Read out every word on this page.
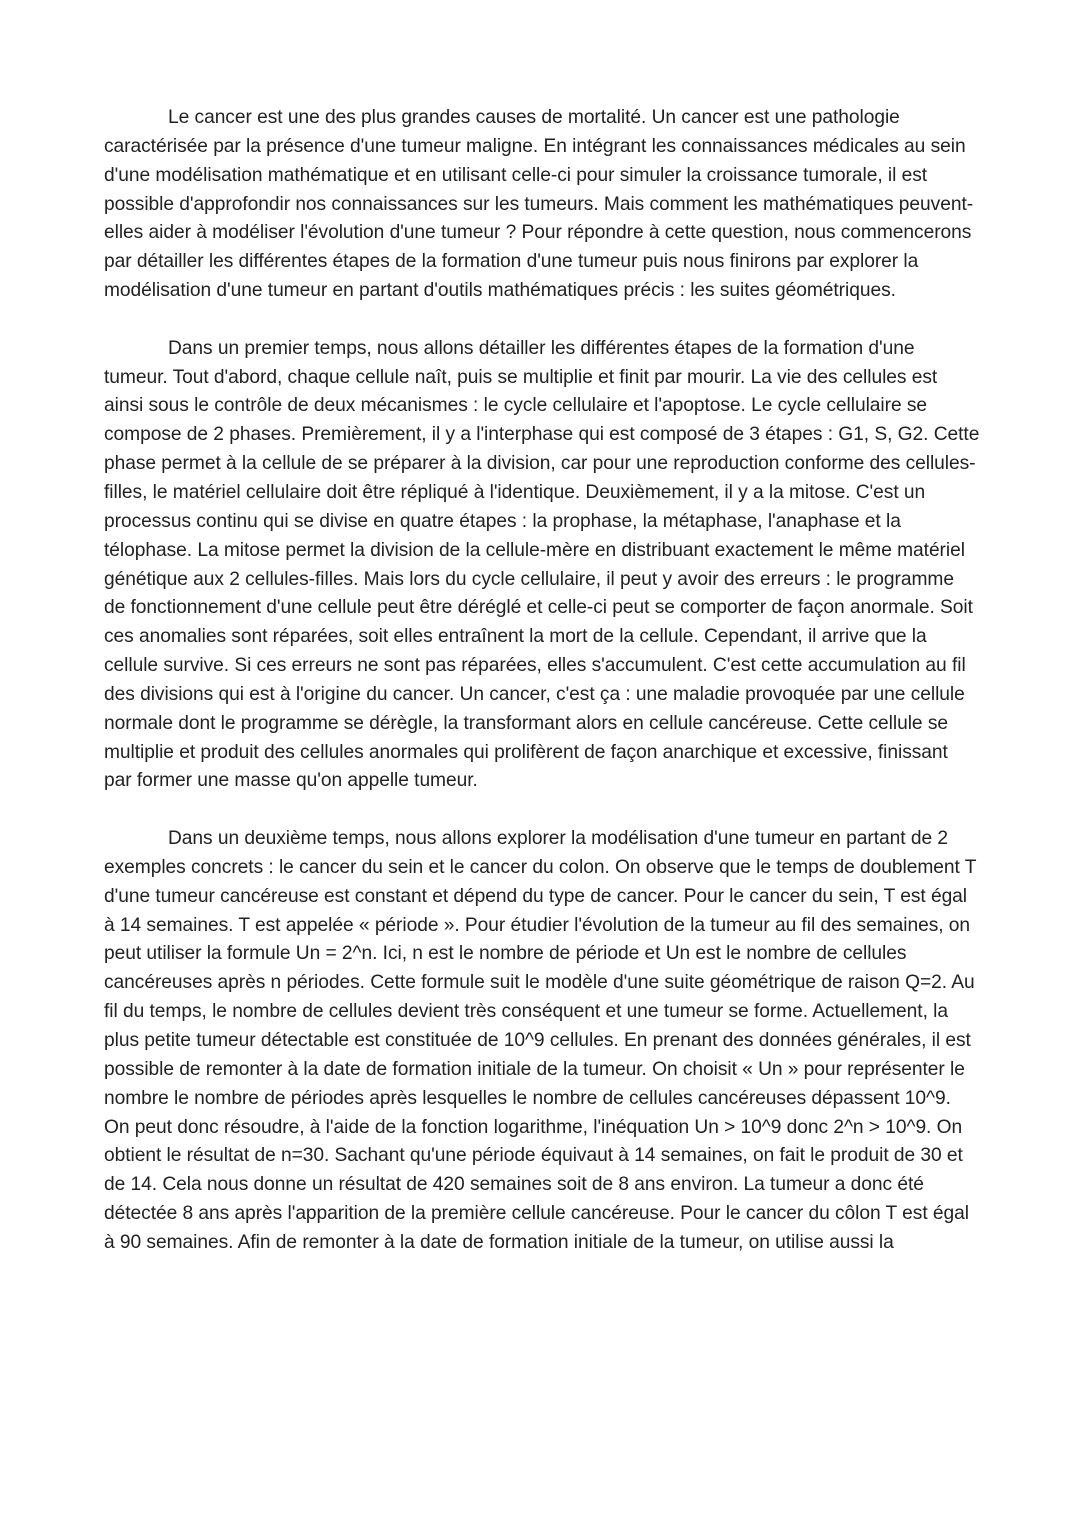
Le cancer est une des plus grandes causes de mortalité. Un cancer est une pathologie caractérisée par la présence d'une tumeur maligne. En intégrant les connaissances médicales au sein d'une modélisation mathématique et en utilisant celle-ci pour simuler la croissance tumorale, il est possible d'approfondir nos connaissances sur les tumeurs. Mais comment les mathématiques peuvent-elles aider à modéliser l'évolution d'une tumeur ? Pour répondre à cette question, nous commencerons par détailler les différentes étapes de la formation d'une tumeur puis nous finirons par explorer la modélisation d'une tumeur en partant d'outils mathématiques précis : les suites géométriques.

Dans un premier temps, nous allons détailler les différentes étapes de la formation d'une tumeur. Tout d'abord, chaque cellule naît, puis se multiplie et finit par mourir. La vie des cellules est ainsi sous le contrôle de deux mécanismes : le cycle cellulaire et l'apoptose. Le cycle cellulaire se compose de 2 phases. Premièrement, il y a l'interphase qui est composé de 3 étapes : G1, S, G2. Cette phase permet à la cellule de se préparer à la division, car pour une reproduction conforme des cellules-filles, le matériel cellulaire doit être répliqué à l'identique. Deuxièmement, il y a la mitose. C'est un processus continu qui se divise en quatre étapes : la prophase, la métaphase, l'anaphase et la télophase. La mitose permet la division de la cellule-mère en distribuant exactement le même matériel génétique aux 2 cellules-filles. Mais lors du cycle cellulaire, il peut y avoir des erreurs : le programme de fonctionnement d'une cellule peut être déréglé et celle-ci peut se comporter de façon anormale. Soit ces anomalies sont réparées, soit elles entraînent la mort de la cellule. Cependant, il arrive que la cellule survive. Si ces erreurs ne sont pas réparées, elles s'accumulent. C'est cette accumulation au fil des divisions qui est à l'origine du cancer. Un cancer, c'est ça : une maladie provoquée par une cellule normale dont le programme se dérègle, la transformant alors en cellule cancéreuse. Cette cellule se multiplie et produit des cellules anormales qui prolifèrent de façon anarchique et excessive, finissant par former une masse qu'on appelle tumeur.

Dans un deuxième temps, nous allons explorer la modélisation d'une tumeur en partant de 2 exemples concrets : le cancer du sein et le cancer du colon. On observe que le temps de doublement T d'une tumeur cancéreuse est constant et dépend du type de cancer. Pour le cancer du sein, T est égal à 14 semaines. T est appelée « période ». Pour étudier l'évolution de la tumeur au fil des semaines, on peut utiliser la formule Un = 2^n. Ici, n est le nombre de période et Un est le nombre de cellules cancéreuses après n périodes. Cette formule suit le modèle d'une suite géométrique de raison Q=2. Au fil du temps, le nombre de cellules devient très conséquent et une tumeur se forme. Actuellement, la plus petite tumeur détectable est constituée de 10^9 cellules. En prenant des données générales, il est possible de remonter à la date de formation initiale de la tumeur. On choisit « Un » pour représenter le nombre le nombre de périodes après lesquelles le nombre de cellules cancéreuses dépassent 10^9. On peut donc résoudre, à l'aide de la fonction logarithme, l'inéquation Un > 10^9 donc 2^n > 10^9. On obtient le résultat de n=30. Sachant qu'une période équivaut à 14 semaines, on fait le produit de 30 et de 14. Cela nous donne un résultat de 420 semaines soit de 8 ans environ. La tumeur a donc été détectée 8 ans après l'apparition de la première cellule cancéreuse. Pour le cancer du côlon T est égal à 90 semaines. Afin de remonter à la date de formation initiale de la tumeur, on utilise aussi la
